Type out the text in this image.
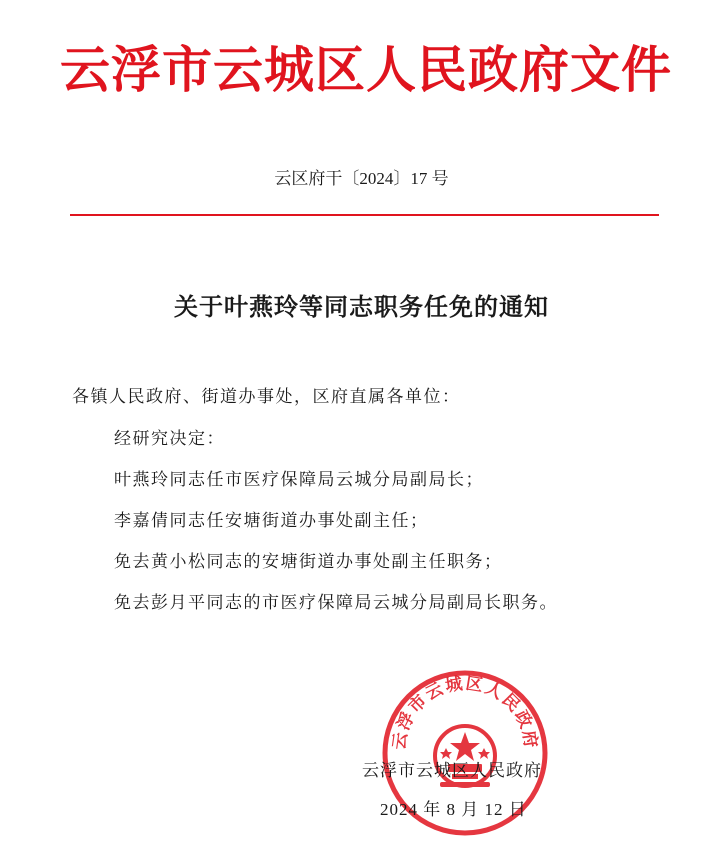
云浮市云城区人民政府文件
云区府干〔2024〕17 号
关于叶燕玲等同志职务任免的通知
各镇人民政府、街道办事处，区府直属各单位：
经研究决定：
叶燕玲同志任市医疗保障局云城分局副局长；
李嘉倩同志任安塘街道办事处副主任；
免去黄小松同志的安塘街道办事处副主任职务；
免去彭月平同志的市医疗保障局云城分局副局长职务。
云浮市云城区人民政府
云浮市云城区人民政府
2024 年 8 月 12 日
